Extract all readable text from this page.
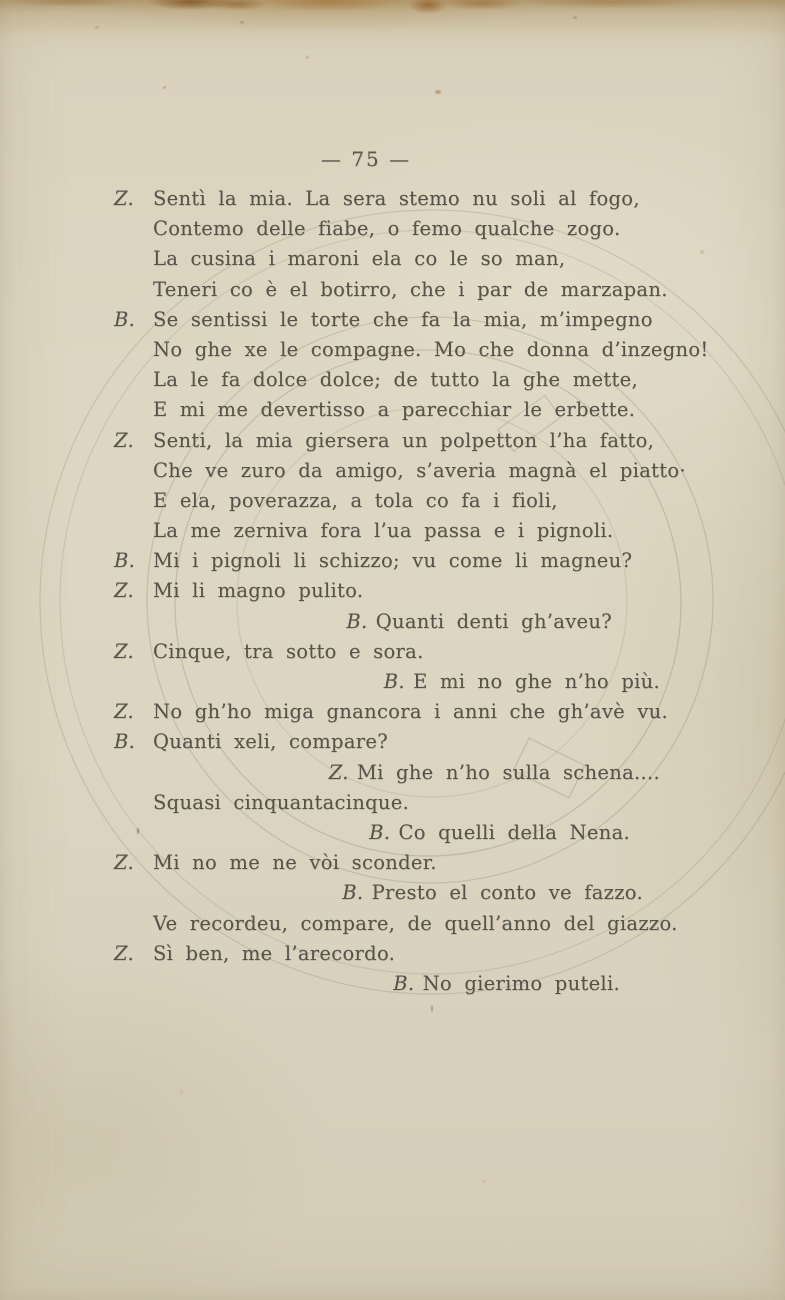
— 75 —
Z.Sentì la mia. La sera stemo nu soli al fogo,
Contemo delle fiabe, o femo qualche zogo.
La cusina i maroni ela co le so man,
Teneri co è el botirro, che i par de marzapan.
B.Se sentissi le torte che fa la mia, m’impegno
No ghe xe le compagne. Mo che donna d’inzegno!
La le fa dolce dolce; de tutto la ghe mette,
E mi me devertisso a parecchiar le erbette.
Z.Senti, la mia giersera un polpetton l’ha fatto,
Che ve zuro da amigo, s’averia magnà el piatto·
E ela, poverazza, a tola co fa i fioli,
La me zerniva fora l’ua passa e i pignoli.
B.Mi i pignoli li schizzo; vu come li magneu?
Z.Mi li magno pulito.
B.Quanti denti gh’aveu?
Z.Cinque, tra sotto e sora.
B.E mi no ghe n’ho più.
Z.No gh’ho miga gnancora i anni che gh’avè vu.
B.Quanti xeli, compare?
Z.Mi ghe n’ho sulla schena....
Squasi cinquantacinque.
B.Co quelli della Nena.
Z.Mi no me ne vòi sconder.
B.Presto el conto ve fazzo.
Ve recordeu, compare, de quell’anno del giazzo.
Z.Sì ben, me l’arecordo.
B.No gierimo puteli.
